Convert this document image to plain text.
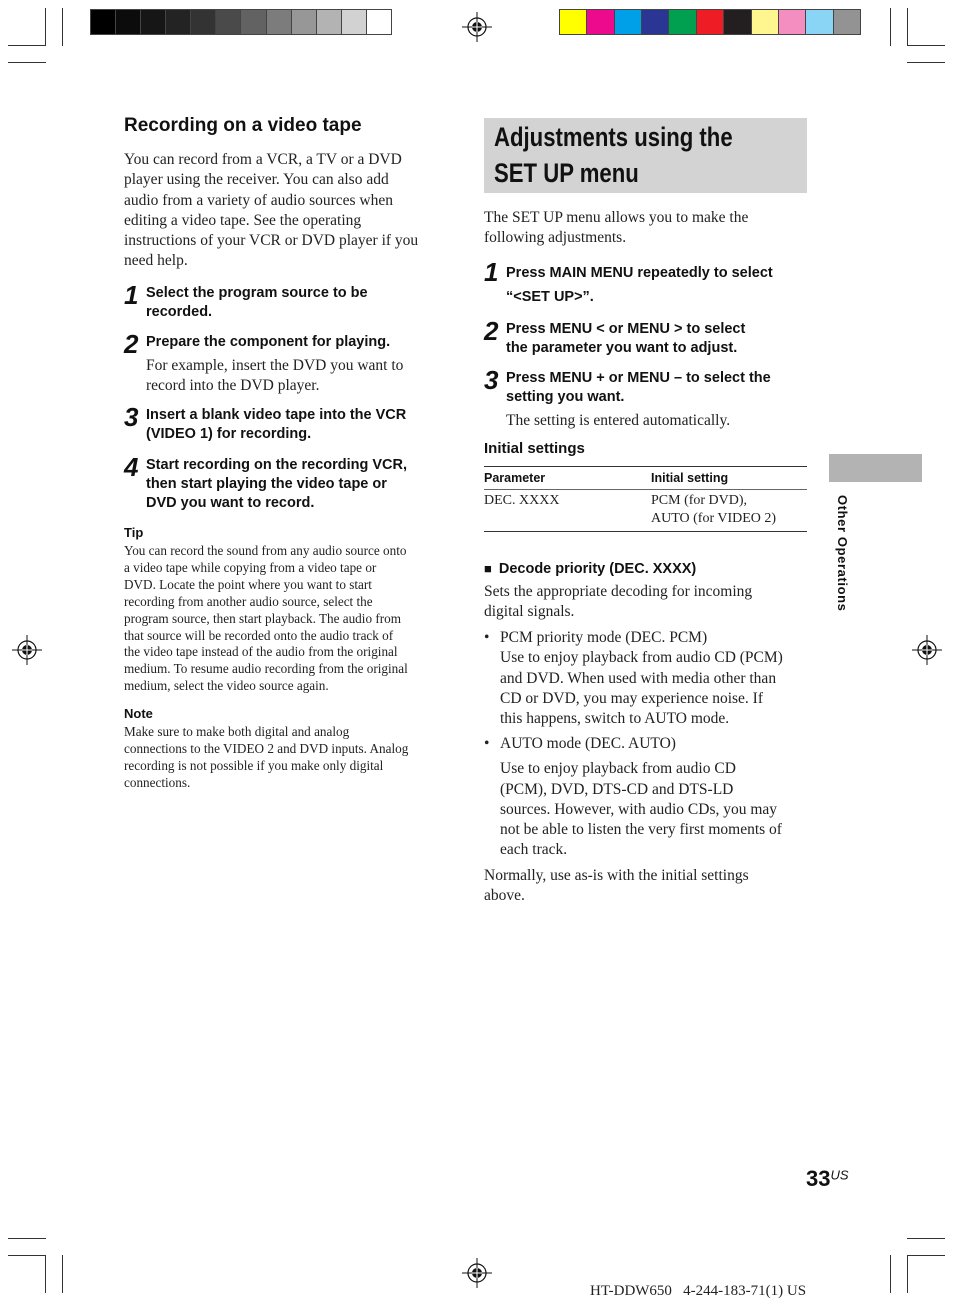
Recording on a video tape
You can record from a VCR, a TV or a DVD
player using the receiver. You can also add
audio from a variety of audio sources when
editing a video tape. See the operating
instructions of your VCR or DVD player if you
need help.
1 Select the program source to be
recorded.
2 Prepare the component for playing.
For example, insert the DVD you want to
record into the DVD player.
3 Insert a blank video tape into the VCR
(VIDEO 1) for recording.
4 Start recording on the recording VCR,
then start playing the video tape or
DVD you want to record.
Tip
You can record the sound from any audio source onto
a video tape while copying from a video tape or
DVD. Locate the point where you want to start
recording from another audio source, select the
program source, then start playback. The audio from
that source will be recorded onto the audio track of
the video tape instead of the audio from the original
medium. To resume audio recording from the original
medium, select the video source again.
Note
Make sure to make both digital and analog
connections to the VIDEO 2 and DVD inputs. Analog
recording is not possible if you make only digital
connections.
Adjustments using the
SET UP menu
The SET UP menu allows you to make the
following adjustments.
1 Press MAIN MENU repeatedly to select
“<SET UP>”.
2 Press MENU < or MENU > to select
the parameter you want to adjust.
3 Press MENU + or MENU – to select the
setting you want.
The setting is entered automatically.
Initial settings
Parameter	Initial setting
DEC. XXXX	PCM (for DVD),
AUTO (for VIDEO 2)
■ Decode priority (DEC. XXXX)
Sets the appropriate decoding for incoming
digital signals.
• PCM priority mode (DEC. PCM)
Use to enjoy playback from audio CD (PCM)
and DVD. When used with media other than
CD or DVD, you may experience noise. If
this happens, switch to AUTO mode.
• AUTO mode (DEC. AUTO)
Use to enjoy playback from audio CD
(PCM), DVD, DTS-CD and DTS-LD
sources. However, with audio CDs, you may
not be able to listen the very first moments of
each track.
Normally, use as-is with the initial settings
above.
Other Operations
$33^{US}$
HT-DDW650   4-244-183-71(1) US
